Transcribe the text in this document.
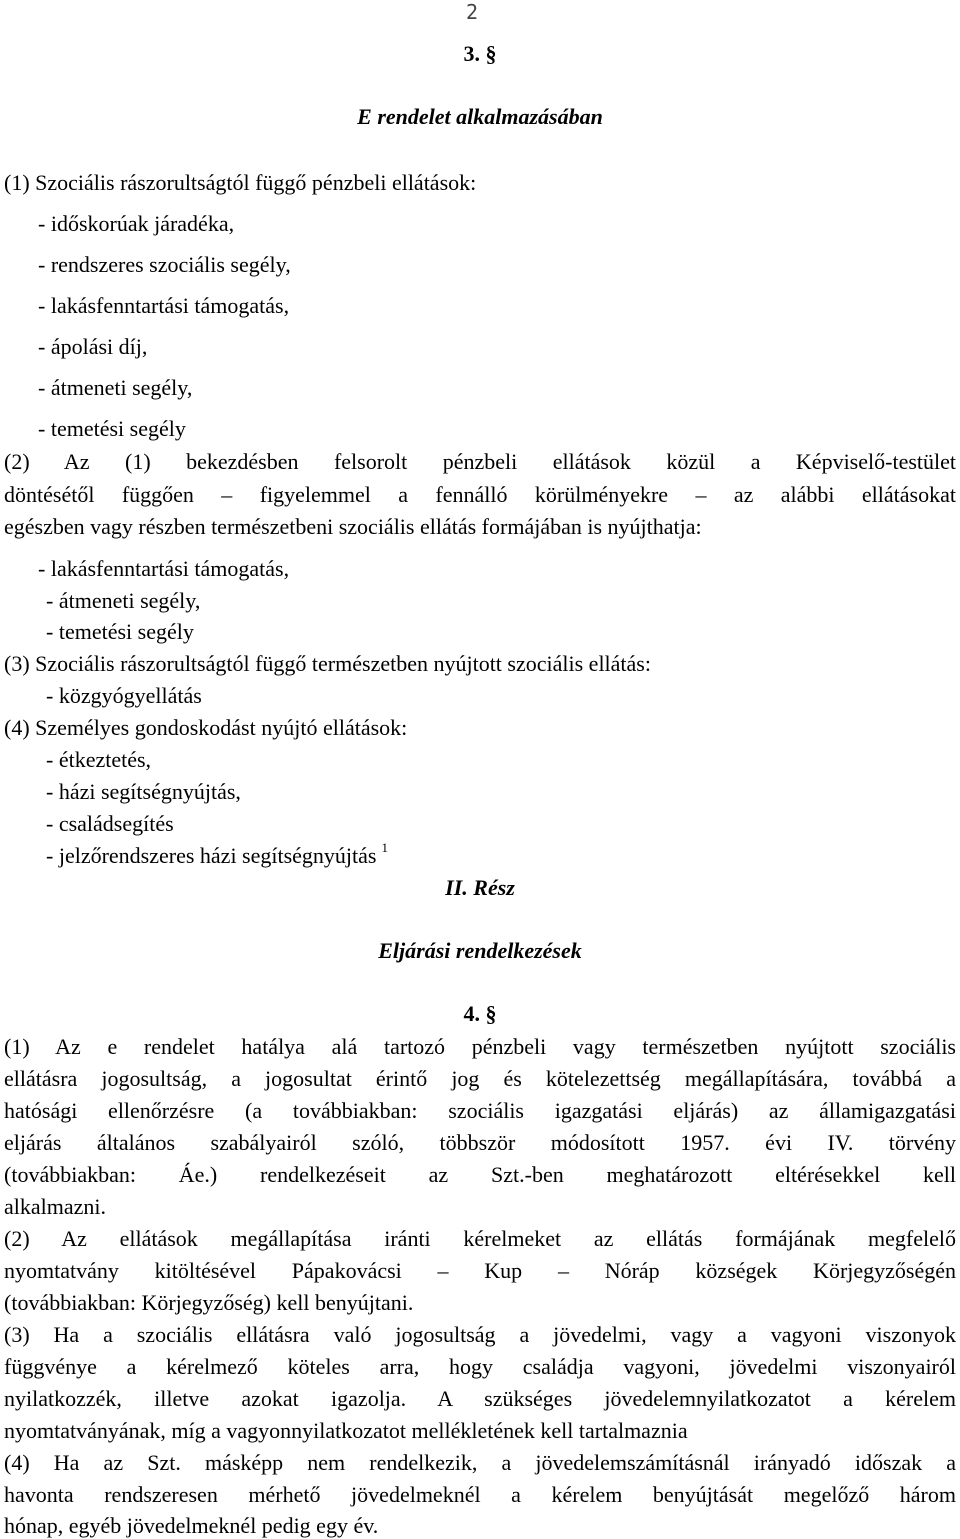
2
3. §
E rendelet alkalmazásában
(1) Szociális rászorultságtól függő pénzbeli ellátások:
- időskorúak járadéka,
- rendszeres szociális segély,
- lakásfenntartási támogatás,
- ápolási díj,
- átmeneti segély,
- temetési segély
(2) Az (1) bekezdésben felsorolt pénzbeli ellátások közül a Képviselő-testület
döntésétől függően – figyelemmel a fennálló körülményekre – az alábbi ellátásokat
egészben vagy részben természetbeni szociális ellátás formájában is nyújthatja:
- lakásfenntartási támogatás,
- átmeneti segély,
- temetési segély
(3) Szociális rászorultságtól függő természetben nyújtott szociális ellátás:
- közgyógyellátás
(4) Személyes gondoskodást nyújtó ellátások:
- étkeztetés,
- házi segítségnyújtás,
- családsegítés
- jelzőrendszeres házi segítségnyújtás $^1$
II. Rész
Eljárási rendelkezések
4. §
(1) Az e rendelet hatálya alá tartozó pénzbeli vagy természetben nyújtott szociális
ellátásra jogosultság, a jogosultat érintő jog és kötelezettség megállapítására, továbbá a
hatósági ellenőrzésre (a továbbiakban: szociális igazgatási eljárás) az államigazgatási
eljárás általános szabályairól szóló, többször módosított 1957. évi IV. törvény
(továbbiakban: Áe.) rendelkezéseit az Szt.-ben meghatározott eltérésekkel kell
alkalmazni.
(2) Az ellátások megállapítása iránti kérelmeket az ellátás formájának megfelelő
nyomtatvány kitöltésével Pápakovácsi – Kup – Nóráp községek Körjegyzőségén
(továbbiakban: Körjegyzőség) kell benyújtani.
(3) Ha a szociális ellátásra való jogosultság a jövedelmi, vagy a vagyoni viszonyok
függvénye a kérelmező köteles arra, hogy családja vagyoni, jövedelmi viszonyairól
nyilatkozzék, illetve azokat igazolja. A szükséges jövedelemnyilatkozatot a kérelem
nyomtatványának, míg a vagyonnyilatkozatot mellékletének kell tartalmaznia
(4) Ha az Szt. másképp nem rendelkezik, a jövedelemszámításnál irányadó időszak a
havonta rendszeresen mérhető jövedelmeknél a kérelem benyújtását megelőző három
hónap, egyéb jövedelmeknél pedig egy év.
